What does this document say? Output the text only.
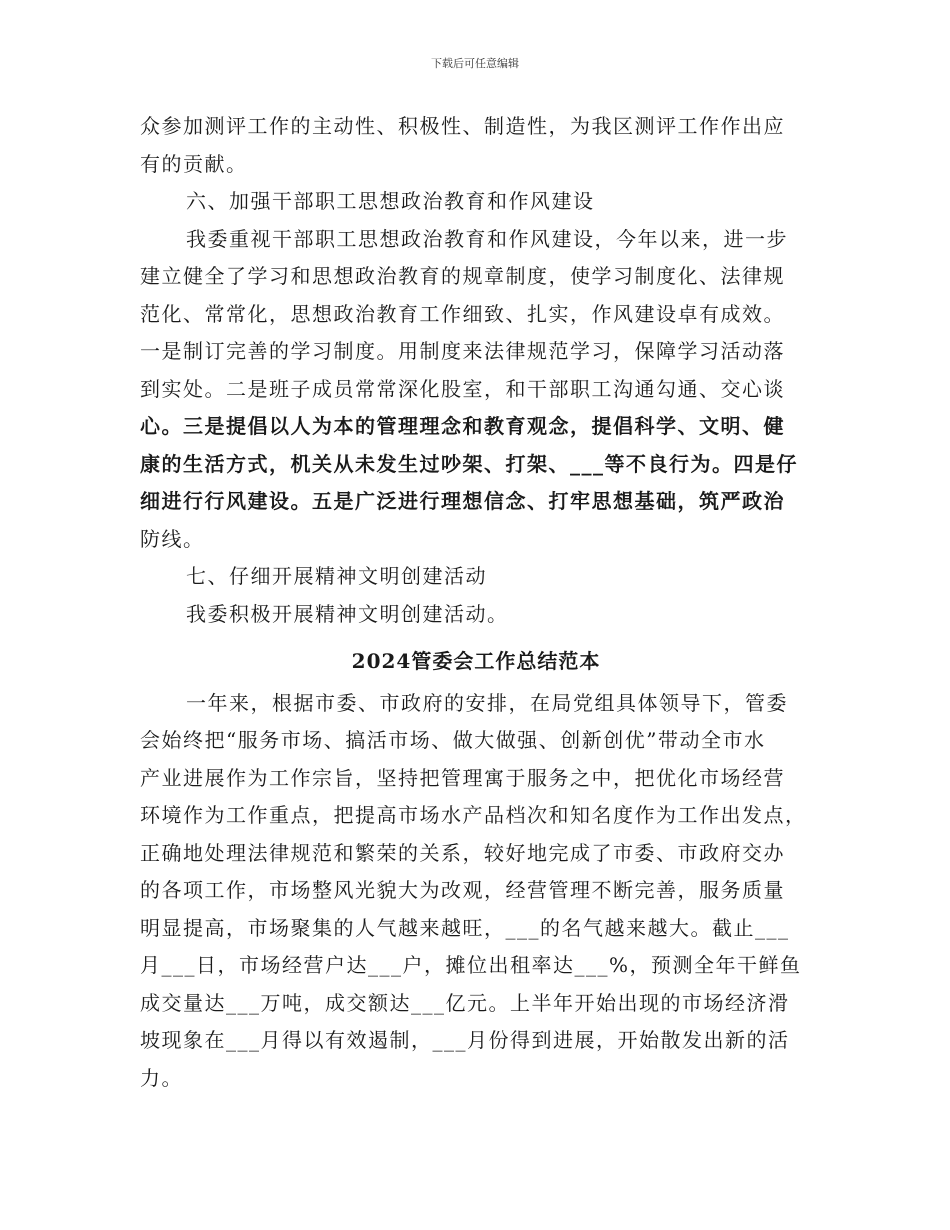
下载后可任意编辑
众参加测评工作的主动性、积极性、制造性，为我区测评工作作出应
有的贡献。
六、加强干部职工思想政治教育和作风建设
我委重视干部职工思想政治教育和作风建设，今年以来，进一步
建立健全了学习和思想政治教育的规章制度，使学习制度化、法律规
范化、常常化，思想政治教育工作细致、扎实，作风建设卓有成效。
一是制订完善的学习制度。用制度来法律规范学习，保障学习活动落
到实处。二是班子成员常常深化股室，和干部职工沟通勾通、交心谈
心。三是提倡以人为本的管理理念和教育观念，提倡科学、文明、健
康的生活方式，机关从未发生过吵架、打架、___等不良行为。四是仔
细进行行风建设。五是广泛进行理想信念、打牢思想基础，筑严政治
防线。
七、仔细开展精神文明创建活动
我委积极开展精神文明创建活动。
2024管委会工作总结范本
一年来，根据市委、市政府的安排，在局党组具体领导下，管委
会始终把“服务市场、搞活市场、做大做强、创新创优”带动全市水
产业进展作为工作宗旨，坚持把管理寓于服务之中，把优化市场经营
环境作为工作重点，把提高市场水产品档次和知名度作为工作出发点，
正确地处理法律规范和繁荣的关系，较好地完成了市委、市政府交办
的各项工作，市场整风光貌大为改观，经营管理不断完善，服务质量
明显提高，市场聚集的人气越来越旺，___的名气越来越大。截止___
月___日，市场经营户达___户，摊位出租率达___%，预测全年干鲜鱼
成交量达___万吨，成交额达___亿元。上半年开始出现的市场经济滑
坡现象在___月得以有效遏制，___月份得到进展，开始散发出新的活
力。
